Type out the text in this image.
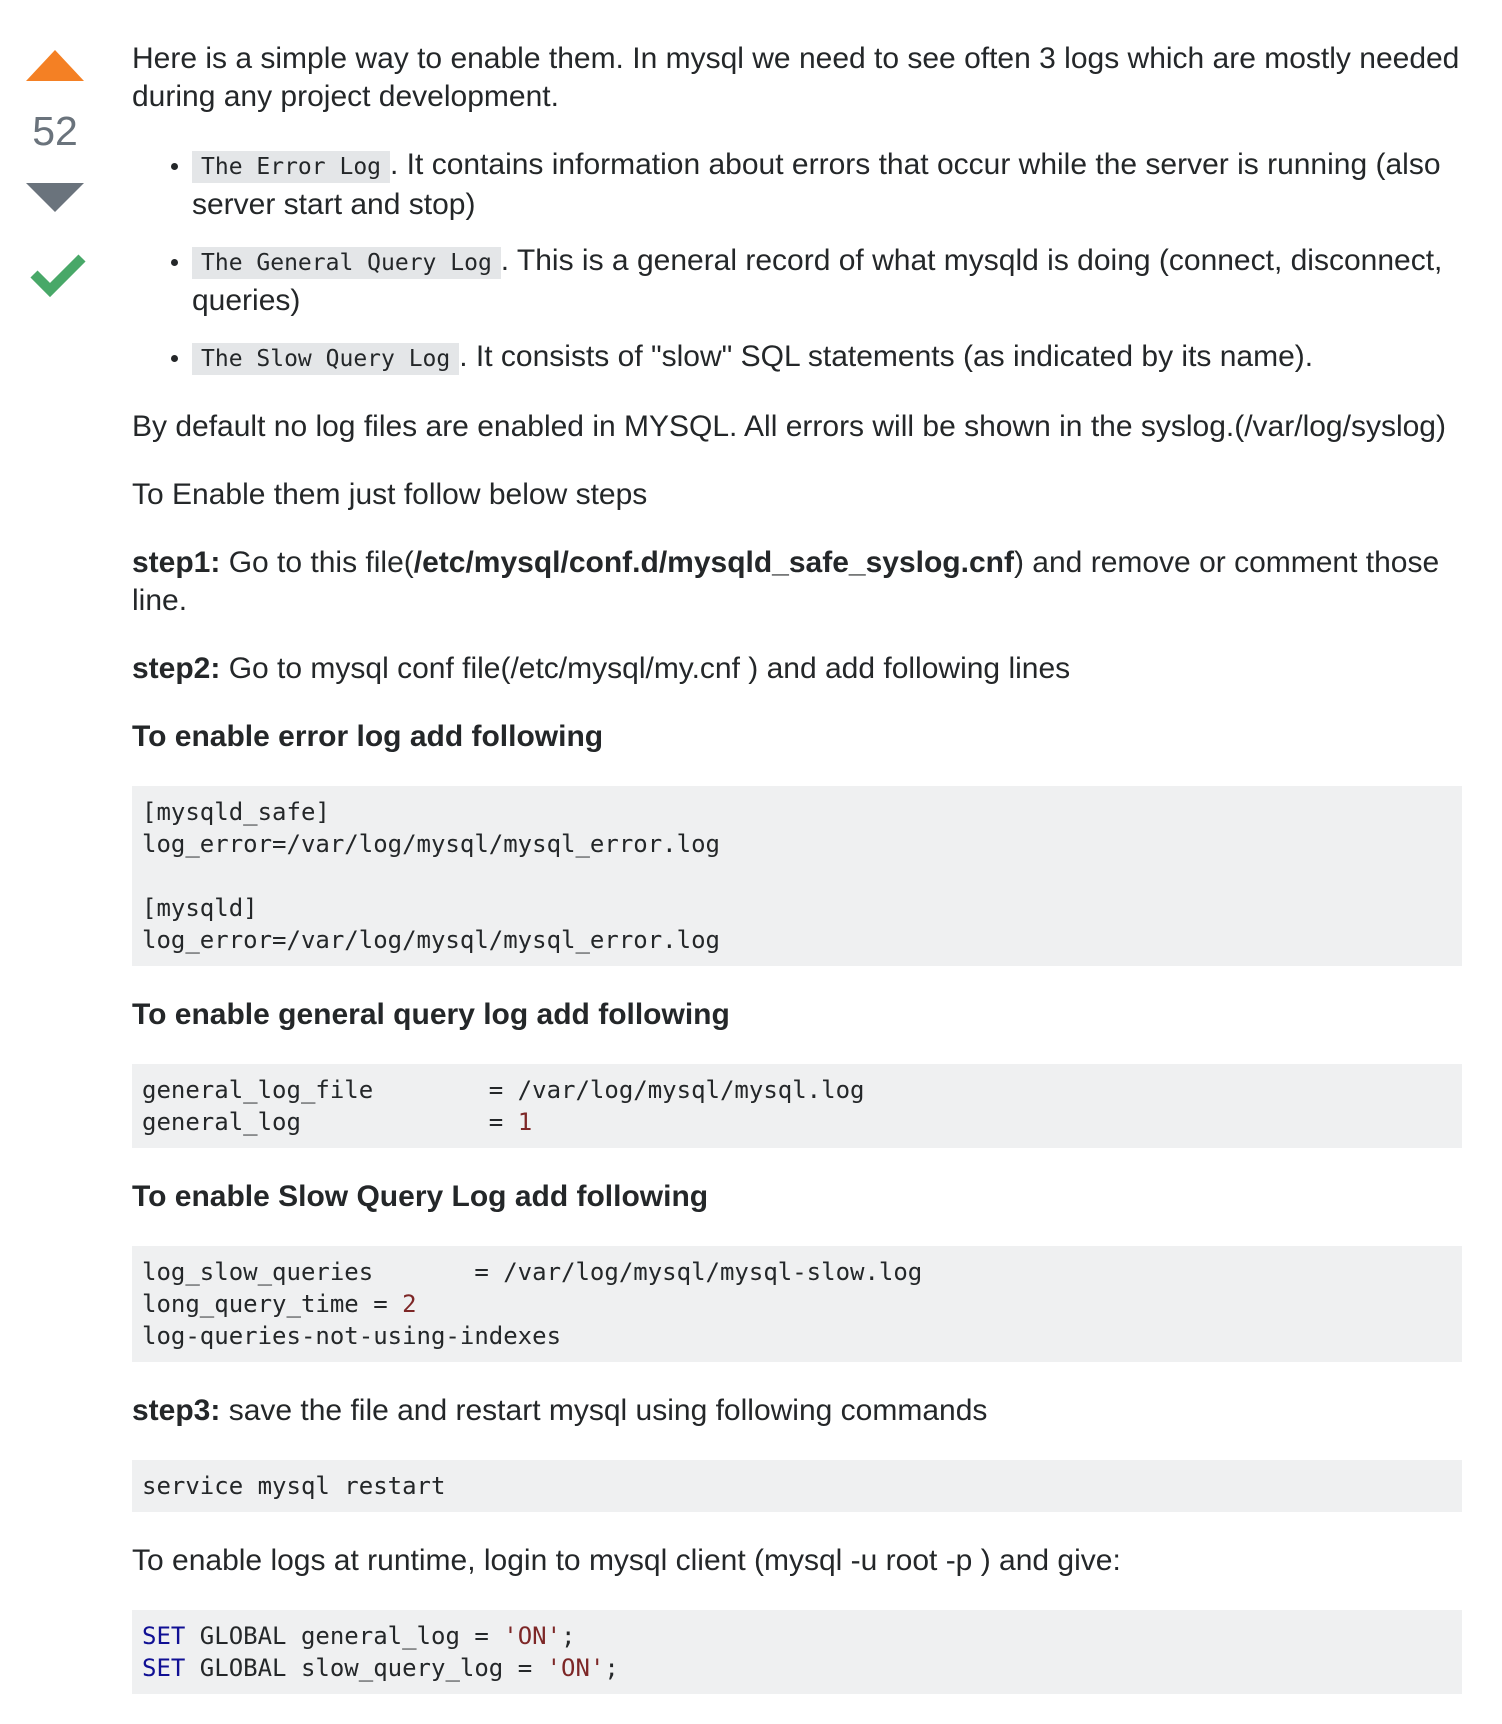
52

Here is a simple way to enable them. In mysql we need to see often 3 logs which are mostly needed during any project development.

• The Error Log . It contains information about errors that occur while the server is running (also server start and stop)
• The General Query Log . This is a general record of what mysqld is doing (connect, disconnect, queries)
• The Slow Query Log . It consists of "slow" SQL statements (as indicated by its name).

By default no log files are enabled in MYSQL. All errors will be shown in the syslog.(/var/log/syslog)

To Enable them just follow below steps

step1: Go to this file(/etc/mysql/conf.d/mysqld_safe_syslog.cnf) and remove or comment those line.

step2: Go to mysql conf file(/etc/mysql/my.cnf ) and add following lines

To enable error log add following
[mysqld_safe]
log_error=/var/log/mysql/mysql_error.log

[mysqld]
log_error=/var/log/mysql/mysql_error.log
To enable general query log add following
general_log_file        = /var/log/mysql/mysql.log
general_log             = 1
To enable Slow Query Log add following
log_slow_queries       = /var/log/mysql/mysql-slow.log
long_query_time = 2
log-queries-not-using-indexes

step3: save the file and restart mysql using following commands

service mysql restart

To enable logs at runtime, login to mysql client (mysql -u root -p ) and give:

SET GLOBAL general_log = 'ON';
SET GLOBAL slow_query_log = 'ON';
